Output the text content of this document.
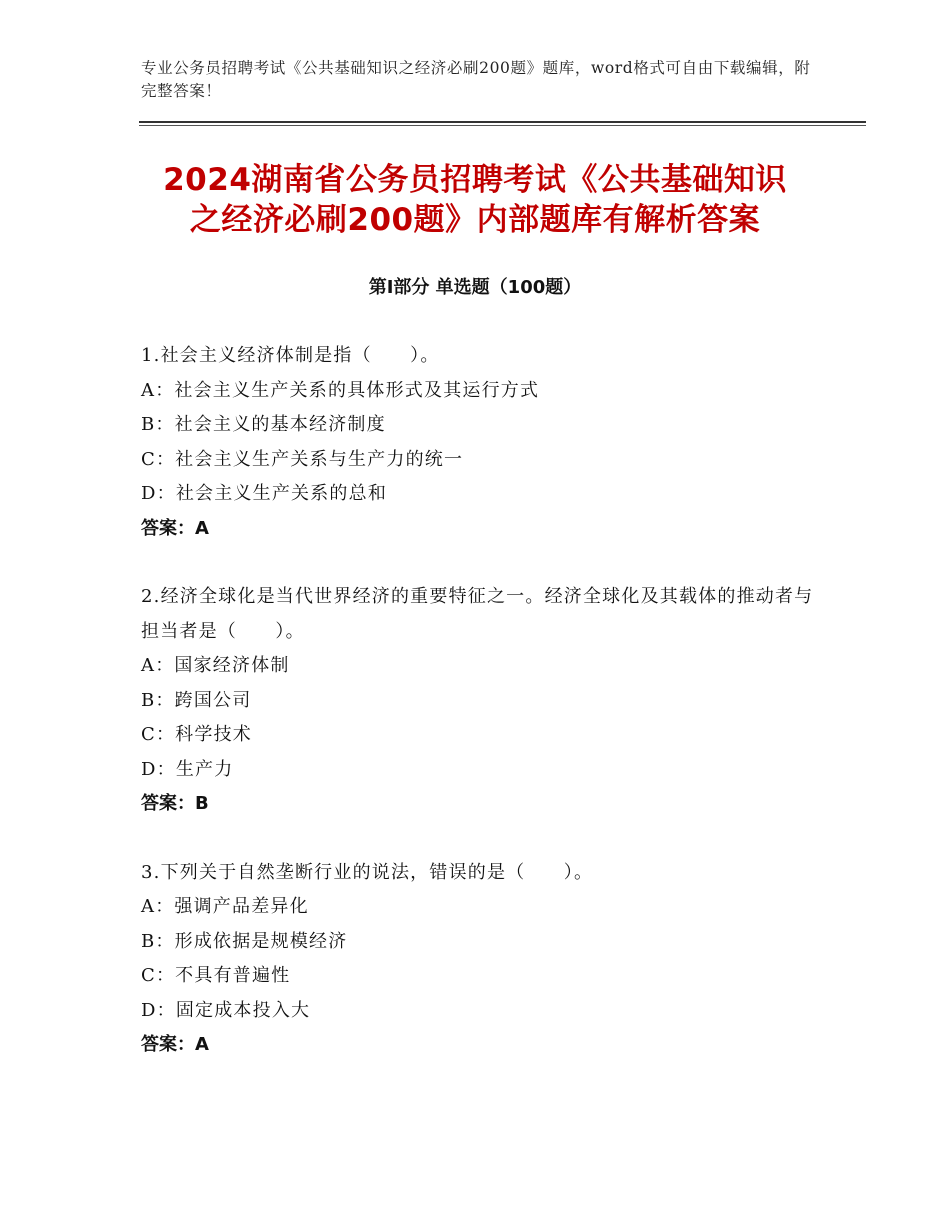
专业公务员招聘考试《公共基础知识之经济必刷200题》题库，word格式可自由下载编辑，附完整答案！
2024湖南省公务员招聘考试《公共基础知识
之经济必刷200题》内部题库有解析答案
第Ⅰ部分 单选题（100题）

1.社会主义经济体制是指（　　）。

A：社会主义生产关系的具体形式及其运行方式

B：社会主义的基本经济制度

C：社会主义生产关系与生产力的统一

D：社会主义生产关系的总和

答案：A

2.经济全球化是当代世界经济的重要特征之一。经济全球化及其载体的推动者与担当者是（　　）。

A：国家经济体制

B：跨国公司

C：科学技术

D：生产力

答案：B

3.下列关于自然垄断行业的说法，错误的是（　　）。

A：强调产品差异化

B：形成依据是规模经济

C：不具有普遍性

D：固定成本投入大

答案：A
